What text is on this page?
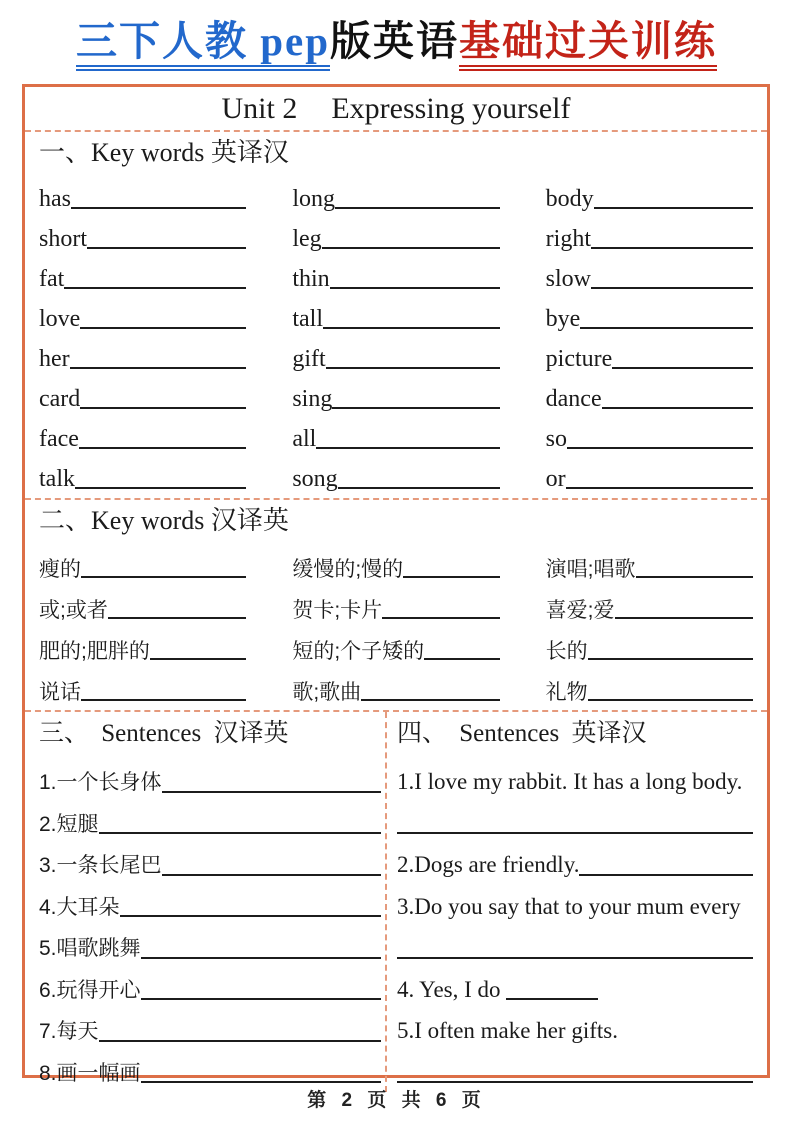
三下人教 pep版英语基础过关训练
Unit 2 Expressing yourself
一、Key words 英译汉
has	long	body
short	leg	right
fat	thin	slow
love	tall	bye
her	gift	picture
card	sing	dance
face	all	so
talk	song	or
二、Key words 汉译英
瘦的	缓慢的;慢的	演唱;唱歌
或;或者	贺卡;卡片	喜爱;爱
肥的;肥胖的	短的;个子矮的	长的
说话	歌;歌曲	礼物
三、 Sentences 汉译英
1.一个长身体
2.短腿
3.一条长尾巴
4.大耳朵
5.唱歌跳舞
6.玩得开心
7.每天
8.画一幅画
四、 Sentences 英译汉
1.I love my rabbit. It has a long body.
2.Dogs are friendly.
3.Do you say that to your mum every
4. Yes, I do

5.I often make her gifts.
第 2 页 共 6 页
